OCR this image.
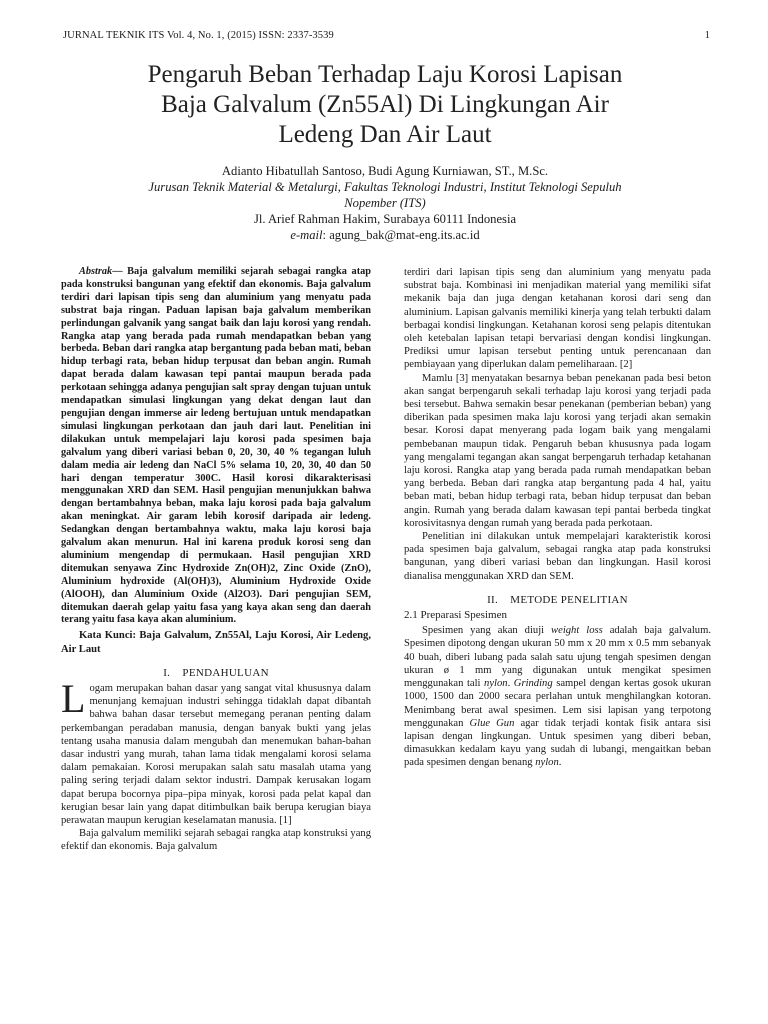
JURNAL TEKNIK ITS Vol. 4, No. 1, (2015) ISSN: 2337-3539	1
Pengaruh Beban Terhadap Laju Korosi Lapisan
Baja Galvalum (Zn55Al) Di Lingkungan Air
Ledeng Dan Air Laut
Adianto Hibatullah Santoso, Budi Agung Kurniawan, ST., M.Sc.
Jurusan Teknik Material & Metalurgi, Fakultas Teknologi Industri, Institut Teknologi Sepuluh
Nopember (ITS)
Jl. Arief Rahman Hakim, Surabaya 60111 Indonesia
e-mail: agung_bak@mat-eng.its.ac.id

Abstrak— Baja galvalum memiliki sejarah sebagai rangka atap pada konstruksi bangunan yang efektif dan ekonomis. Baja galvalum terdiri dari lapisan tipis seng dan aluminium yang menyatu pada substrat baja ringan. Paduan lapisan baja galvalum memberikan perlindungan galvanik yang sangat baik dan laju korosi yang rendah. Rangka atap yang berada pada rumah mendapatkan beban yang berbeda. Beban dari rangka atap bergantung pada beban mati, beban hidup terbagi rata, beban hidup terpusat dan beban angin. Rumah dapat berada dalam kawasan tepi pantai maupun berada pada perkotaan sehingga adanya pengujian salt spray dengan tujuan untuk mendapatkan simulasi lingkungan yang dekat dengan laut dan pengujian dengan immerse air ledeng bertujuan untuk mendapatkan simulasi lingkungan perkotaan dan jauh dari laut. Penelitian ini dilakukan untuk mempelajari laju korosi pada spesimen baja galvalum yang diberi variasi beban 0, 20, 30, 40 % tegangan luluh dalam media air ledeng dan NaCl 5% selama 10, 20, 30, 40 dan 50 hari dengan temperatur 300C. Hasil korosi dikarakterisasi menggunakan XRD dan SEM. Hasil pengujian menunjukkan bahwa dengan bertambahnya beban, maka laju korosi pada baja galvalum akan meningkat. Air garam lebih korosif daripada air ledeng. Sedangkan dengan bertambahnya waktu, maka laju korosi baja galvalum akan menurun. Hal ini karena produk korosi seng dan aluminium mengendap di permukaan. Hasil pengujian XRD ditemukan senyawa Zinc Hydroxide Zn(OH)2, Zinc Oxide (ZnO), Aluminium hydroxide (Al(OH)3), Aluminium Hydroxide Oxide (AlOOH), dan Aluminium Oxide (Al2O3). Dari pengujian SEM, ditemukan daerah gelap yaitu fasa yang kaya akan seng dan daerah terang yaitu fasa kaya akan aluminium.

Kata Kunci: Baja Galvalum, Zn55Al, Laju Korosi, Air Ledeng, Air Laut

I.    PENDAHULUAN

Logam merupakan bahan dasar yang sangat vital khususnya dalam menunjang kemajuan industri sehingga tidaklah dapat dibantah bahwa bahan dasar tersebut memegang peranan penting dalam perkembangan peradaban manusia, dengan banyak bukti yang jelas tentang usaha manusia dalam mengubah dan menemukan bahan-bahan dasar industri yang murah, tahan lama tidak mengalami korosi selama dalam pemakaian. Korosi merupakan salah satu masalah utama yang paling sering terjadi dalam sektor industri. Dampak kerusakan logam dapat berupa bocornya pipa–pipa minyak, korosi pada pelat kapal dan kerugian besar lain yang dapat ditimbulkan baik berupa kerugian biaya perawatan maupun kerugian keselamatan manusia. [1]

Baja galvalum memiliki sejarah sebagai rangka atap konstruksi yang efektif dan ekonomis. Baja galvalum

terdiri dari lapisan tipis seng dan aluminium yang menyatu pada substrat baja. Kombinasi ini menjadikan material yang memiliki sifat mekanik baja dan juga dengan ketahanan korosi dari seng dan aluminium. Lapisan galvanis memiliki kinerja yang telah terbukti dalam berbagai kondisi lingkungan. Ketahanan korosi seng pelapis ditentukan oleh ketebalan lapisan tetapi bervariasi dengan kondisi lingkungan. Prediksi umur lapisan tersebut penting untuk perencanaan dan pembiayaan yang diperlukan dalam pemeliharaan. [2]

Mamlu [3] menyatakan besarnya beban penekanan pada besi beton akan sangat berpengaruh sekali terhadap laju korosi yang terjadi pada besi tersebut. Bahwa semakin besar penekanan (pemberian beban) yang diberikan pada spesimen maka laju korosi yang terjadi akan semakin besar. Korosi dapat menyerang pada logam baik yang mengalami pembebanan maupun tidak. Pengaruh beban khususnya pada logam yang mengalami tegangan akan sangat berpengaruh terhadap ketahanan laju korosi. Rangka atap yang berada pada rumah mendapatkan beban yang berbeda. Beban dari rangka atap bergantung pada 4 hal, yaitu beban mati, beban hidup terbagi rata, beban hidup terpusat dan beban angin. Rumah yang berada dalam kawasan tepi pantai berbeda tingkat korosivitasnya dengan rumah yang berada pada perkotaan.

Penelitian ini dilakukan untuk mempelajari karakteristik korosi pada spesimen baja galvalum, sebagai rangka atap pada konstruksi bangunan, yang diberi variasi beban dan lingkungan. Hasil korosi dianalisa menggunakan XRD dan SEM.

II.    METODE PENELITIAN
2.1 Preparasi Spesimen

Spesimen yang akan diuji weight loss adalah baja galvalum. Spesimen dipotong dengan ukuran 50 mm x 20 mm x 0.5 mm sebanyak 40 buah, diberi lubang pada salah satu ujung tengah spesimen dengan ukuran ø 1 mm yang digunakan untuk mengikat spesimen menggunakan tali nylon. Grinding sampel dengan kertas gosok ukuran 1000, 1500 dan 2000 secara perlahan untuk menghilangkan kotoran. Menimbang berat awal spesimen. Lem sisi lapisan yang terpotong menggunakan Glue Gun agar tidak terjadi kontak fisik antara sisi lapisan dengan lingkungan. Untuk spesimen yang diberi beban, dimasukkan kedalam kayu yang sudah di lubangi, mengaitkan beban pada spesimen dengan benang nylon.
